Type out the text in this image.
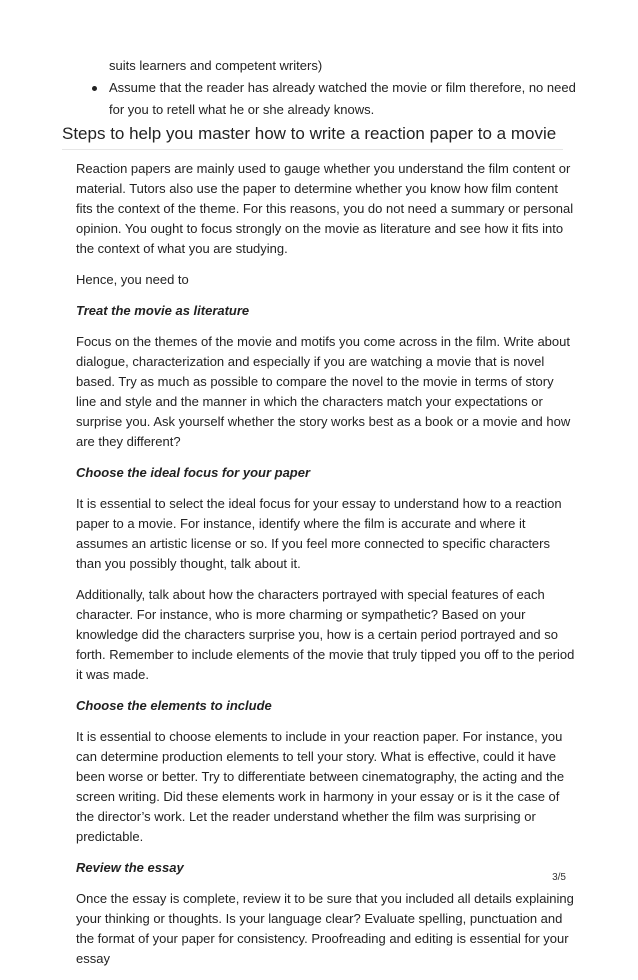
suits learners and competent writers)

Assume that the reader has already watched the movie or film therefore, no need
for you to retell what he or she already knows.
Steps to help you master how to write a reaction paper to a movie

Reaction papers are mainly used to gauge whether you understand the film content or material. Tutors also use the paper to determine whether you know how film content fits the context of the theme. For this reasons, you do not need a summary or personal opinion. You ought to focus strongly on the movie as literature and see how it fits into the context of what you are studying.

Hence, you need to

Treat the movie as literature

Focus on the themes of the movie and motifs you come across in the film. Write about dialogue, characterization and especially if you are watching a movie that is novel based. Try as much as possible to compare the novel to the movie in terms of story line and style and the manner in which the characters match your expectations or surprise you. Ask yourself whether the story works best as a book or a movie and how are they different?

Choose the ideal focus for your paper

It is essential to select the ideal focus for your essay to understand how to a reaction paper to a movie. For instance, identify where the film is accurate and where it assumes an artistic license or so. If you feel more connected to specific characters than you possibly thought, talk about it.

Additionally, talk about how the characters portrayed with special features of each character. For instance, who is more charming or sympathetic? Based on your knowledge did the characters surprise you, how is a certain period portrayed and so forth. Remember to include elements of the movie that truly tipped you off to the period it was made.

Choose the elements to include

It is essential to choose elements to include in your reaction paper. For instance, you can determine production elements to tell your story. What is effective, could it have been worse or better. Try to differentiate between cinematography, the acting and the screen writing. Did these elements work in harmony in your essay or is it the case of the director’s work. Let the reader understand whether the film was surprising or predictable.

Review the essay

Once the essay is complete, review it to be sure that you included all details explaining your thinking or thoughts. Is your language clear? Evaluate spelling, punctuation and the format of your paper for consistency. Proofreading and editing is essential for your essay

3/5
